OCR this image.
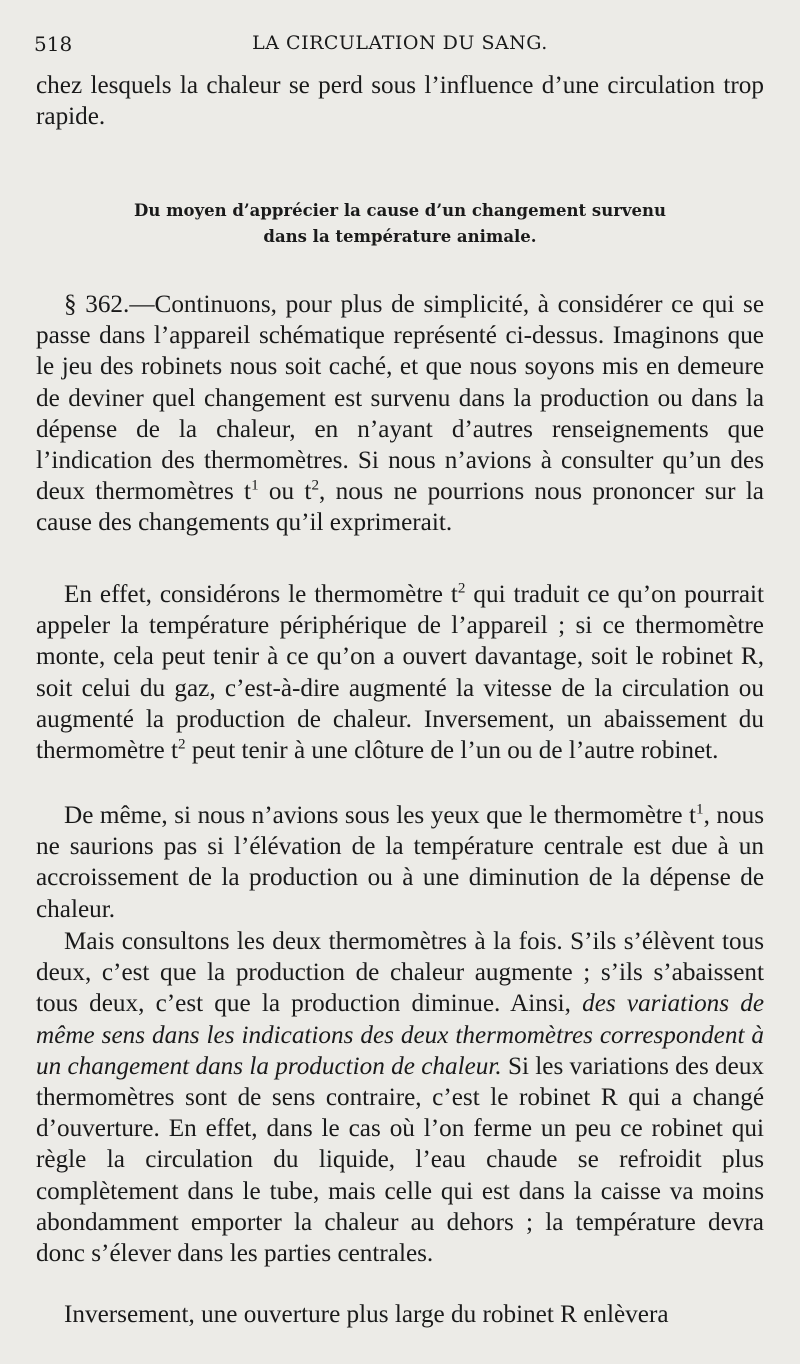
518	LA CIRCULATION DU SANG.

chez lesquels la chaleur se perd sous l’influence d’une circulation trop rapide.

Du moyen d’apprécier la cause d’un changement survenu

dans la température animale.

§ 362.—Continuons, pour plus de simplicité, à considérer ce qui se passe dans l’appareil schématique représenté ci-dessus. Imaginons que le jeu des robinets nous soit caché, et que nous soyons mis en demeure de deviner quel changement est survenu dans la production ou dans la dépense de la chaleur, en n’ayant d’autres renseignements que l’indication des thermomètres. Si nous n’avions à consulter qu’un des deux thermomètres $t^1$ ou $t^2$, nous ne pourrions nous prononcer sur la cause des changements qu’il exprimerait.

En effet, considérons le thermomètre $t^2$ qui traduit ce qu’on pourrait appeler la température périphérique de l’appareil ; si ce thermomètre monte, cela peut tenir à ce qu’on a ouvert davantage, soit le robinet R, soit celui du gaz, c’est-à-dire augmenté la vitesse de la circulation ou augmenté la production de chaleur. Inversement, un abaissement du thermomètre $t^2$ peut tenir à une clôture de l’un ou de l’autre robinet.

De même, si nous n’avions sous les yeux que le thermomètre $t^1$, nous ne saurions pas si l’élévation de la température centrale est due à un accroissement de la production ou à une diminution de la dépense de chaleur.

Mais consultons les deux thermomètres à la fois. S’ils s’élèvent tous deux, c’est que la production de chaleur augmente ; s’ils s’abaissent tous deux, c’est que la production diminue. Ainsi, des variations de même sens dans les indications des deux thermomètres correspondent à un changement dans la production de chaleur. Si les variations des deux thermomètres sont de sens contraire, c’est le robinet R qui a changé d’ouverture. En effet, dans le cas où l’on ferme un peu ce robinet qui règle la circulation du liquide, l’eau chaude se refroidit plus complètement dans le tube, mais celle qui est dans la caisse va moins abondamment emporter la chaleur au dehors ; la température devra donc s’élever dans les parties centrales.

Inversement, une ouverture plus large du robinet R enlèvera
